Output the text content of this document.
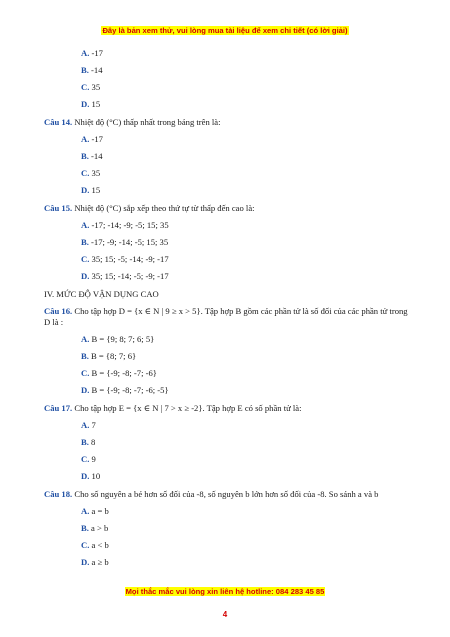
Đây là bản xem thử, vui lòng mua tài liệu để xem chi tiết (có lời giải)
A. -17
B. -14
C. 35
D. 15
Câu 14. Nhiệt độ (°C) thấp nhất trong bảng trên là:
A. -17
B. -14
C. 35
D. 15
Câu 15. Nhiệt độ (°C) sắp xếp theo thứ tự từ thấp đến cao là:
A. -17; -14; -9; -5; 15; 35
B. -17; -9; -14; -5; 15; 35
C. 35; 15; -5; -14; -9; -17
D. 35; 15; -14; -5; -9; -17
IV. MỨC ĐỘ VẬN DỤNG CAO
Câu 16. Cho tập hợp D = {x ∈ N | 9 ≥ x > 5}. Tập hợp B gồm các phần tử là số đối của các phần tử trong D là :
A. B = {9; 8; 7; 6; 5}
B. B = {8; 7; 6}
C. B = {-9; -8; -7; -6}
D. B = {-9; -8; -7; -6; -5}
Câu 17. Cho tập hợp E = {x ∈ N | 7 > x ≥ -2}. Tập hợp E có số phần tử là:
A. 7
B. 8
C. 9
D. 10
Câu 18. Cho số nguyên a bé hơn số đối của -8, số nguyên b lớn hơn số đối của -8. So sánh a và b
A. a = b
B. a > b
C. a < b
D. a ≥ b
Mọi thắc mắc vui lòng xin liên hệ hotline: 084 283 45 85
4
